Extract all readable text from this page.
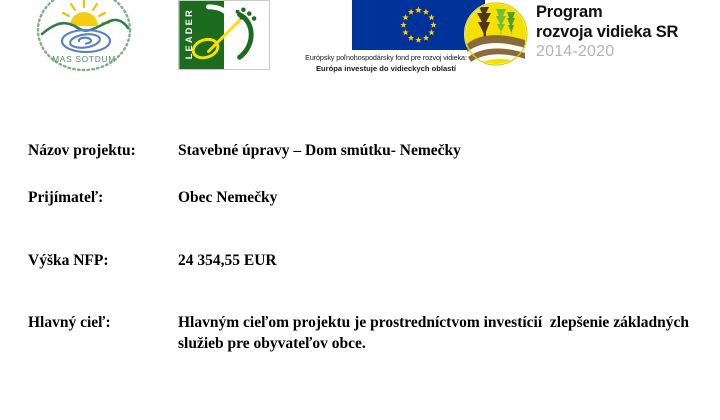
MAS SOTDUM	LEADER	Európsky poľnohospodársky fond pre rozvoj vidieka:
Európa investuje do vidieckych oblastí
Program
rozvoja vidieka SR
2014-2020
Názov projektu:	Stavebné úpravy – Dom smútku- Nemečky
Prijímateľ:	Obec Nemečky
Výška NFP:	24 354,55 EUR
Hlavný cieľ:	Hlavným cieľom projektu je prostredníctvom investícií  zlepšenie základných služieb pre obyvateľov obce.
